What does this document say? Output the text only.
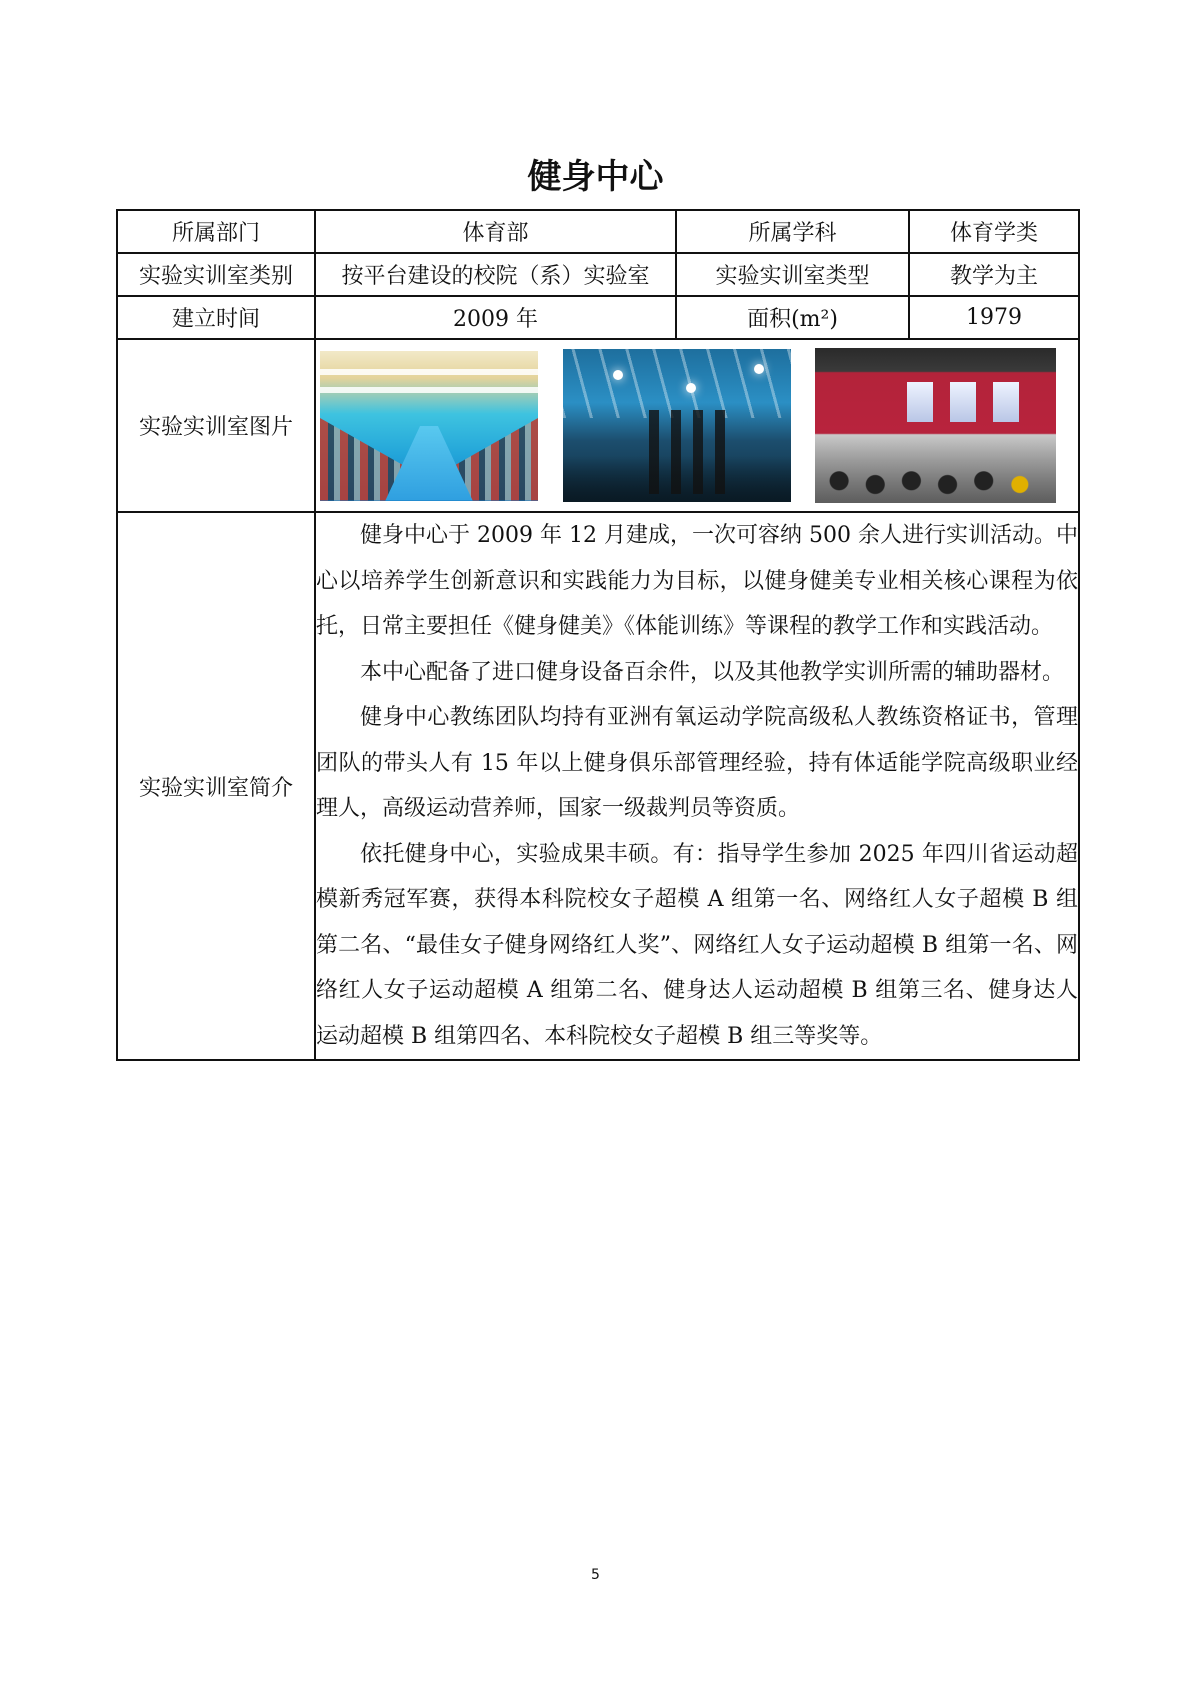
健身中心
所属部门	体育部	所属学科	体育学类
实验实训室类别	按平台建设的校院（系）实验室	实验实训室类型	教学为主
建立时间	2009 年	面积(m²)	1979
实验实训室图片			

实验实训室简介	健身中心于 2009 年 12 月建成，一次可容纳 500 余人进行实训活动。中心以培养学生创新意识和实践能力为目标，以健身健美专业相关核心课程为依托，日常主要担任《健身健美》《体能训练》等课程的教学工作和实践活动。

本中心配备了进口健身设备百余件，以及其他教学实训所需的辅助器材。

健身中心教练团队均持有亚洲有氧运动学院高级私人教练资格证书，管理团队的带头人有 15 年以上健身俱乐部管理经验，持有体适能学院高级职业经理人，高级运动营养师，国家一级裁判员等资质。

依托健身中心，实验成果丰硕。有：指导学生参加 2025 年四川省运动超模新秀冠军赛，获得本科院校女子超模 A 组第一名、网络红人女子超模 B 组第二名、“最佳女子健身网络红人奖”、网络红人女子运动超模 B 组第一名、网络红人女子运动超模 A 组第二名、健身达人运动超模 B 组第三名、健身达人运动超模 B 组第四名、本科院校女子超模 B 组三等奖等。		

5
